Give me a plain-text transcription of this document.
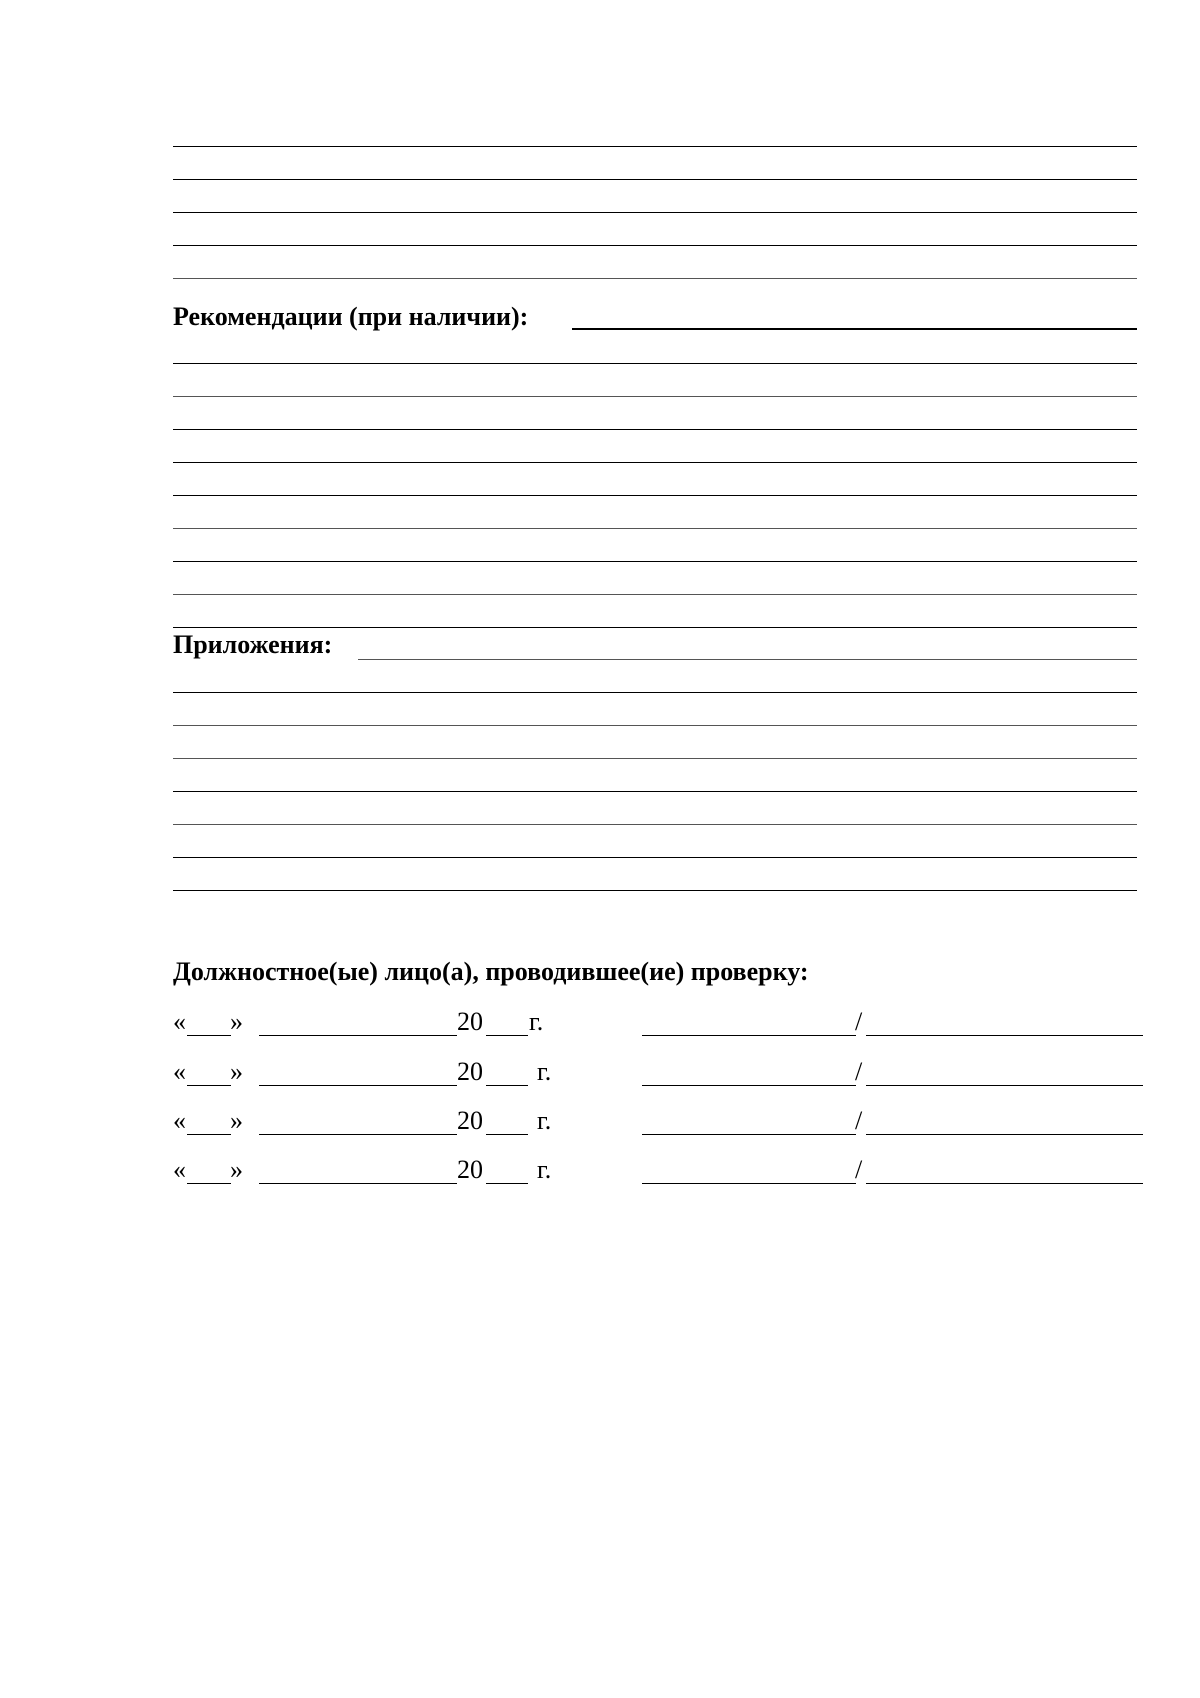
Рекомендации (при наличии):
Приложения:
Должностное(ые) лицо(а), проводившее(ие) проверку:
« »	20 г.	/
« »	20 г.	/
« »	20 г.	/
« »	20 г.	/
